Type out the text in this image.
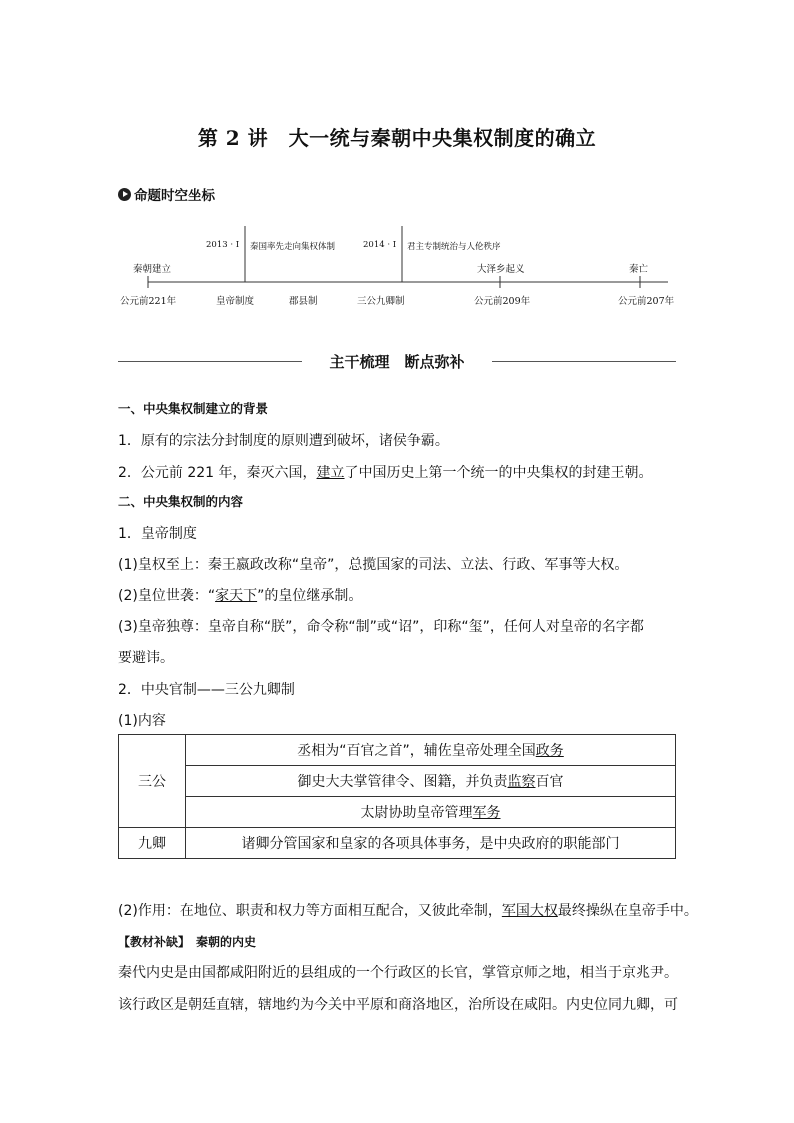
第 2 讲　大一统与秦朝中央集权制度的确立
命题时空坐标
秦朝建立	大泽乡起义	秦亡
2013 · Ⅰ 秦国率先走向集权体制	2014 · Ⅰ 君主专制统治与人伦秩序
公元前221年	皇帝制度	郡县制	三公九卿制	公元前209年	公元前207年
主干梳理　断点弥补
一、中央集权制建立的背景
1．原有的宗法分封制度的原则遭到破坏，诸侯争霸。
2．公元前 221 年，秦灭六国，建立了中国历史上第一个统一的中央集权的封建王朝。
二、中央集权制的内容
1．皇帝制度
(1)皇权至上：秦王嬴政改称“皇帝”，总揽国家的司法、立法、行政、军事等大权。
(2)皇位世袭：“家天下”的皇位继承制。
(3)皇帝独尊：皇帝自称“朕”，命令称“制”或“诏”，印称“玺”，任何人对皇帝的名字都
要避讳。
2．中央官制——三公九卿制
(1)内容
三公	丞相为“百官之首”，辅佐皇帝处理全国政务
	御史大夫掌管律令、图籍，并负责监察百官
	太尉协助皇帝管理军务
九卿	诸卿分管国家和皇家的各项具体事务，是中央政府的职能部门
(2)作用：在地位、职责和权力等方面相互配合，又彼此牵制，军国大权最终操纵在皇帝手中。
【教材补缺】　秦朝的内史
秦代内史是由国都咸阳附近的县组成的一个行政区的长官，掌管京师之地，相当于京兆尹。
该行政区是朝廷直辖，辖地约为今关中平原和商洛地区，治所设在咸阳。内史位同九卿，可
